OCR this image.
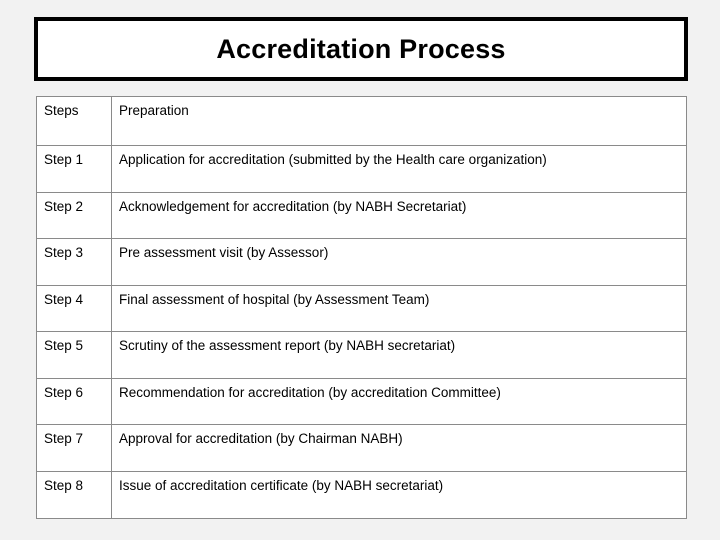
Accreditation Process
Steps	Preparation
Step 1	Application for accreditation (submitted by the Health care organization)
Step 2	Acknowledgement for accreditation (by NABH Secretariat)
Step 3	Pre assessment visit (by Assessor)
Step 4	Final assessment of hospital (by Assessment Team)
Step 5	Scrutiny of the assessment report (by NABH secretariat)
Step 6	Recommendation for accreditation (by accreditation Committee)
Step 7	Approval for accreditation (by Chairman NABH)
Step 8	Issue of accreditation certificate (by NABH secretariat)
